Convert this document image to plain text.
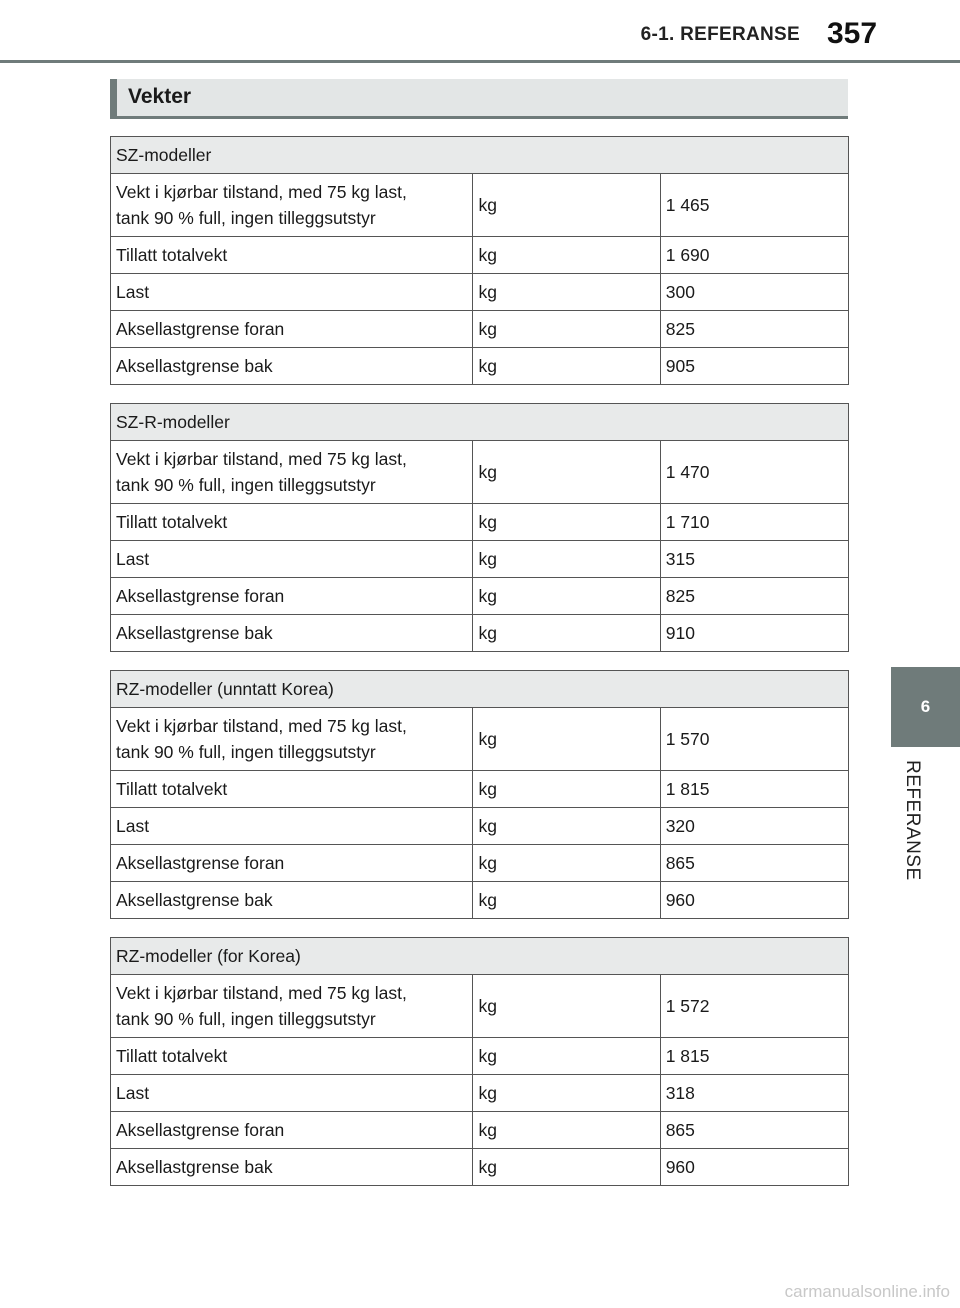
6-1. REFERANSE 357
6
REFERANSE
Vekter
SZ-modeller		
Vekt i kjørbar tilstand, med 75 kg last,
tank 90 % full, ingen tilleggsutstyr	kg	1 465
Tillatt totalvekt	kg	1 690
Last	kg	300
Aksellastgrense foran	kg	825
Aksellastgrense bak	kg	905
SZ-R-modeller		
Vekt i kjørbar tilstand, med 75 kg last,
tank 90 % full, ingen tilleggsutstyr	kg	1 470
Tillatt totalvekt	kg	1 710
Last	kg	315
Aksellastgrense foran	kg	825
Aksellastgrense bak	kg	910
RZ-modeller (unntatt Korea)		
Vekt i kjørbar tilstand, med 75 kg last,
tank 90 % full, ingen tilleggsutstyr	kg	1 570
Tillatt totalvekt	kg	1 815
Last	kg	320
Aksellastgrense foran	kg	865
Aksellastgrense bak	kg	960
RZ-modeller (for Korea)		
Vekt i kjørbar tilstand, med 75 kg last,
tank 90 % full, ingen tilleggsutstyr	kg	1 572
Tillatt totalvekt	kg	1 815
Last	kg	318
Aksellastgrense foran	kg	865
Aksellastgrense bak	kg	960
carmanualsonline.info
